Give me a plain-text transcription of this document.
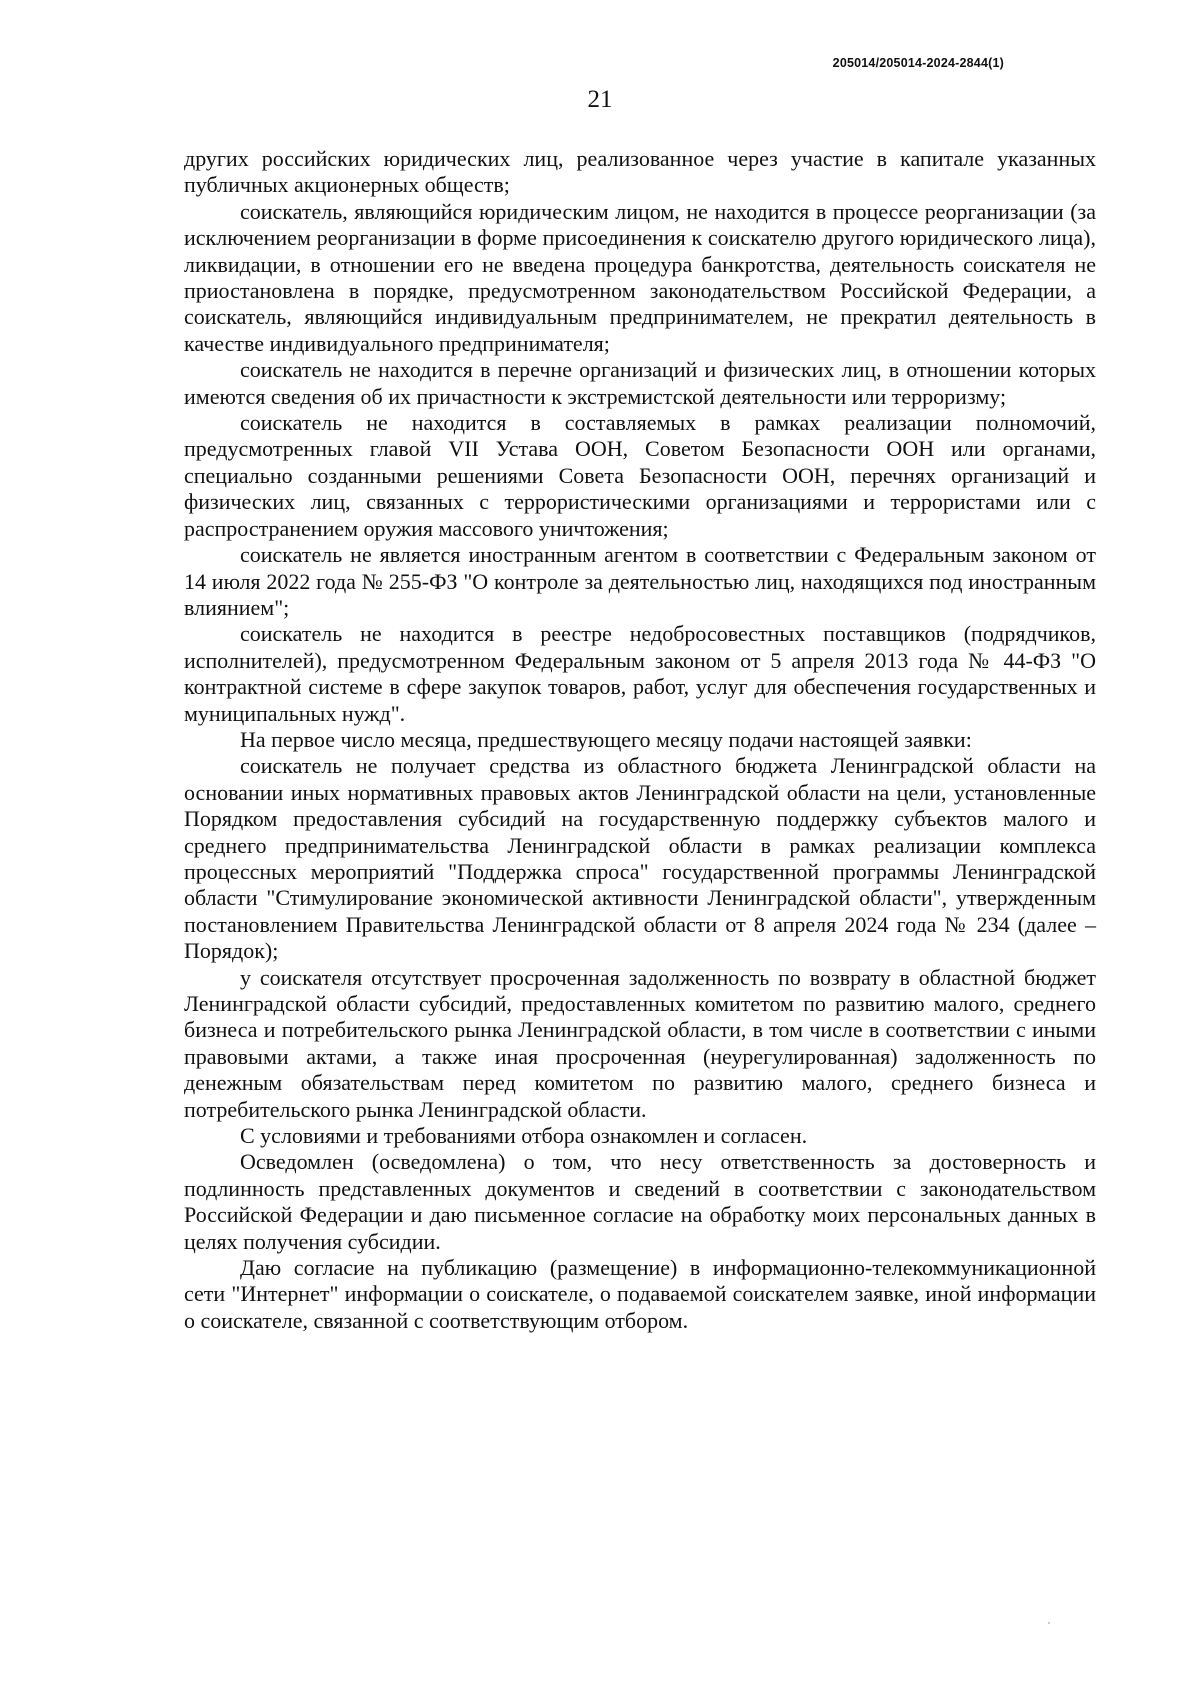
205014/205014-2024-2844(1)
21

других российских юридических лиц, реализованное через участие в капитале указанных публичных акционерных обществ;

соискатель, являющийся юридическим лицом, не находится в процессе реорганизации (за исключением реорганизации в форме присоединения к соискателю другого юридического лица), ликвидации, в отношении его не введена процедура банкротства, деятельность соискателя не приостановлена в порядке, предусмотренном законодательством Российской Федерации, а соискатель, являющийся индивидуальным предпринимателем, не прекратил деятельность в качестве индивидуального предпринимателя;

соискатель не находится в перечне организаций и физических лиц, в отношении которых имеются сведения об их причастности к экстремистской деятельности или терроризму;

соискатель не находится в составляемых в рамках реализации полномочий, предусмотренных главой VII Устава ООН, Советом Безопасности ООН или органами, специально созданными решениями Совета Безопасности ООН, перечнях организаций и физических лиц, связанных с террористическими организациями и террористами или с распространением оружия массового уничтожения;

соискатель не является иностранным агентом в соответствии с Федеральным законом от 14 июля 2022 года № 255-ФЗ "О контроле за деятельностью лиц, находящихся под иностранным влиянием";

соискатель не находится в реестре недобросовестных поставщиков (подрядчиков, исполнителей), предусмотренном Федеральным законом от 5 апреля 2013 года № 44-ФЗ "О контрактной системе в сфере закупок товаров, работ, услуг для обеспечения государственных и муниципальных нужд".

На первое число месяца, предшествующего месяцу подачи настоящей заявки:

соискатель не получает средства из областного бюджета Ленинградской области на основании иных нормативных правовых актов Ленинградской области на цели, установленные Порядком предоставления субсидий на государственную поддержку субъектов малого и среднего предпринимательства Ленинградской области в рамках реализации комплекса процессных мероприятий "Поддержка спроса" государственной программы Ленинградской области "Стимулирование экономической активности Ленинградской области", утвержденным постановлением Правительства Ленинградской области от 8 апреля 2024 года № 234 (далее – Порядок);

у соискателя отсутствует просроченная задолженность по возврату в областной бюджет Ленинградской области субсидий, предоставленных комитетом по развитию малого, среднего бизнеса и потребительского рынка Ленинградской области, в том числе в соответствии с иными правовыми актами, а также иная просроченная (неурегулированная) задолженность по денежным обязательствам перед комитетом по развитию малого, среднего бизнеса и потребительского рынка Ленинградской области.

С условиями и требованиями отбора ознакомлен и согласен.

Осведомлен (осведомлена) о том, что несу ответственность за достоверность и подлинность представленных документов и сведений в соответствии с законодательством Российской Федерации и даю письменное согласие на обработку моих персональных данных в целях получения субсидии.

Даю согласие на публикацию (размещение) в информационно-телекоммуникационной сети "Интернет" информации о соискателе, о подаваемой соискателем заявке, иной информации о соискателе, связанной с соответствующим отбором.
